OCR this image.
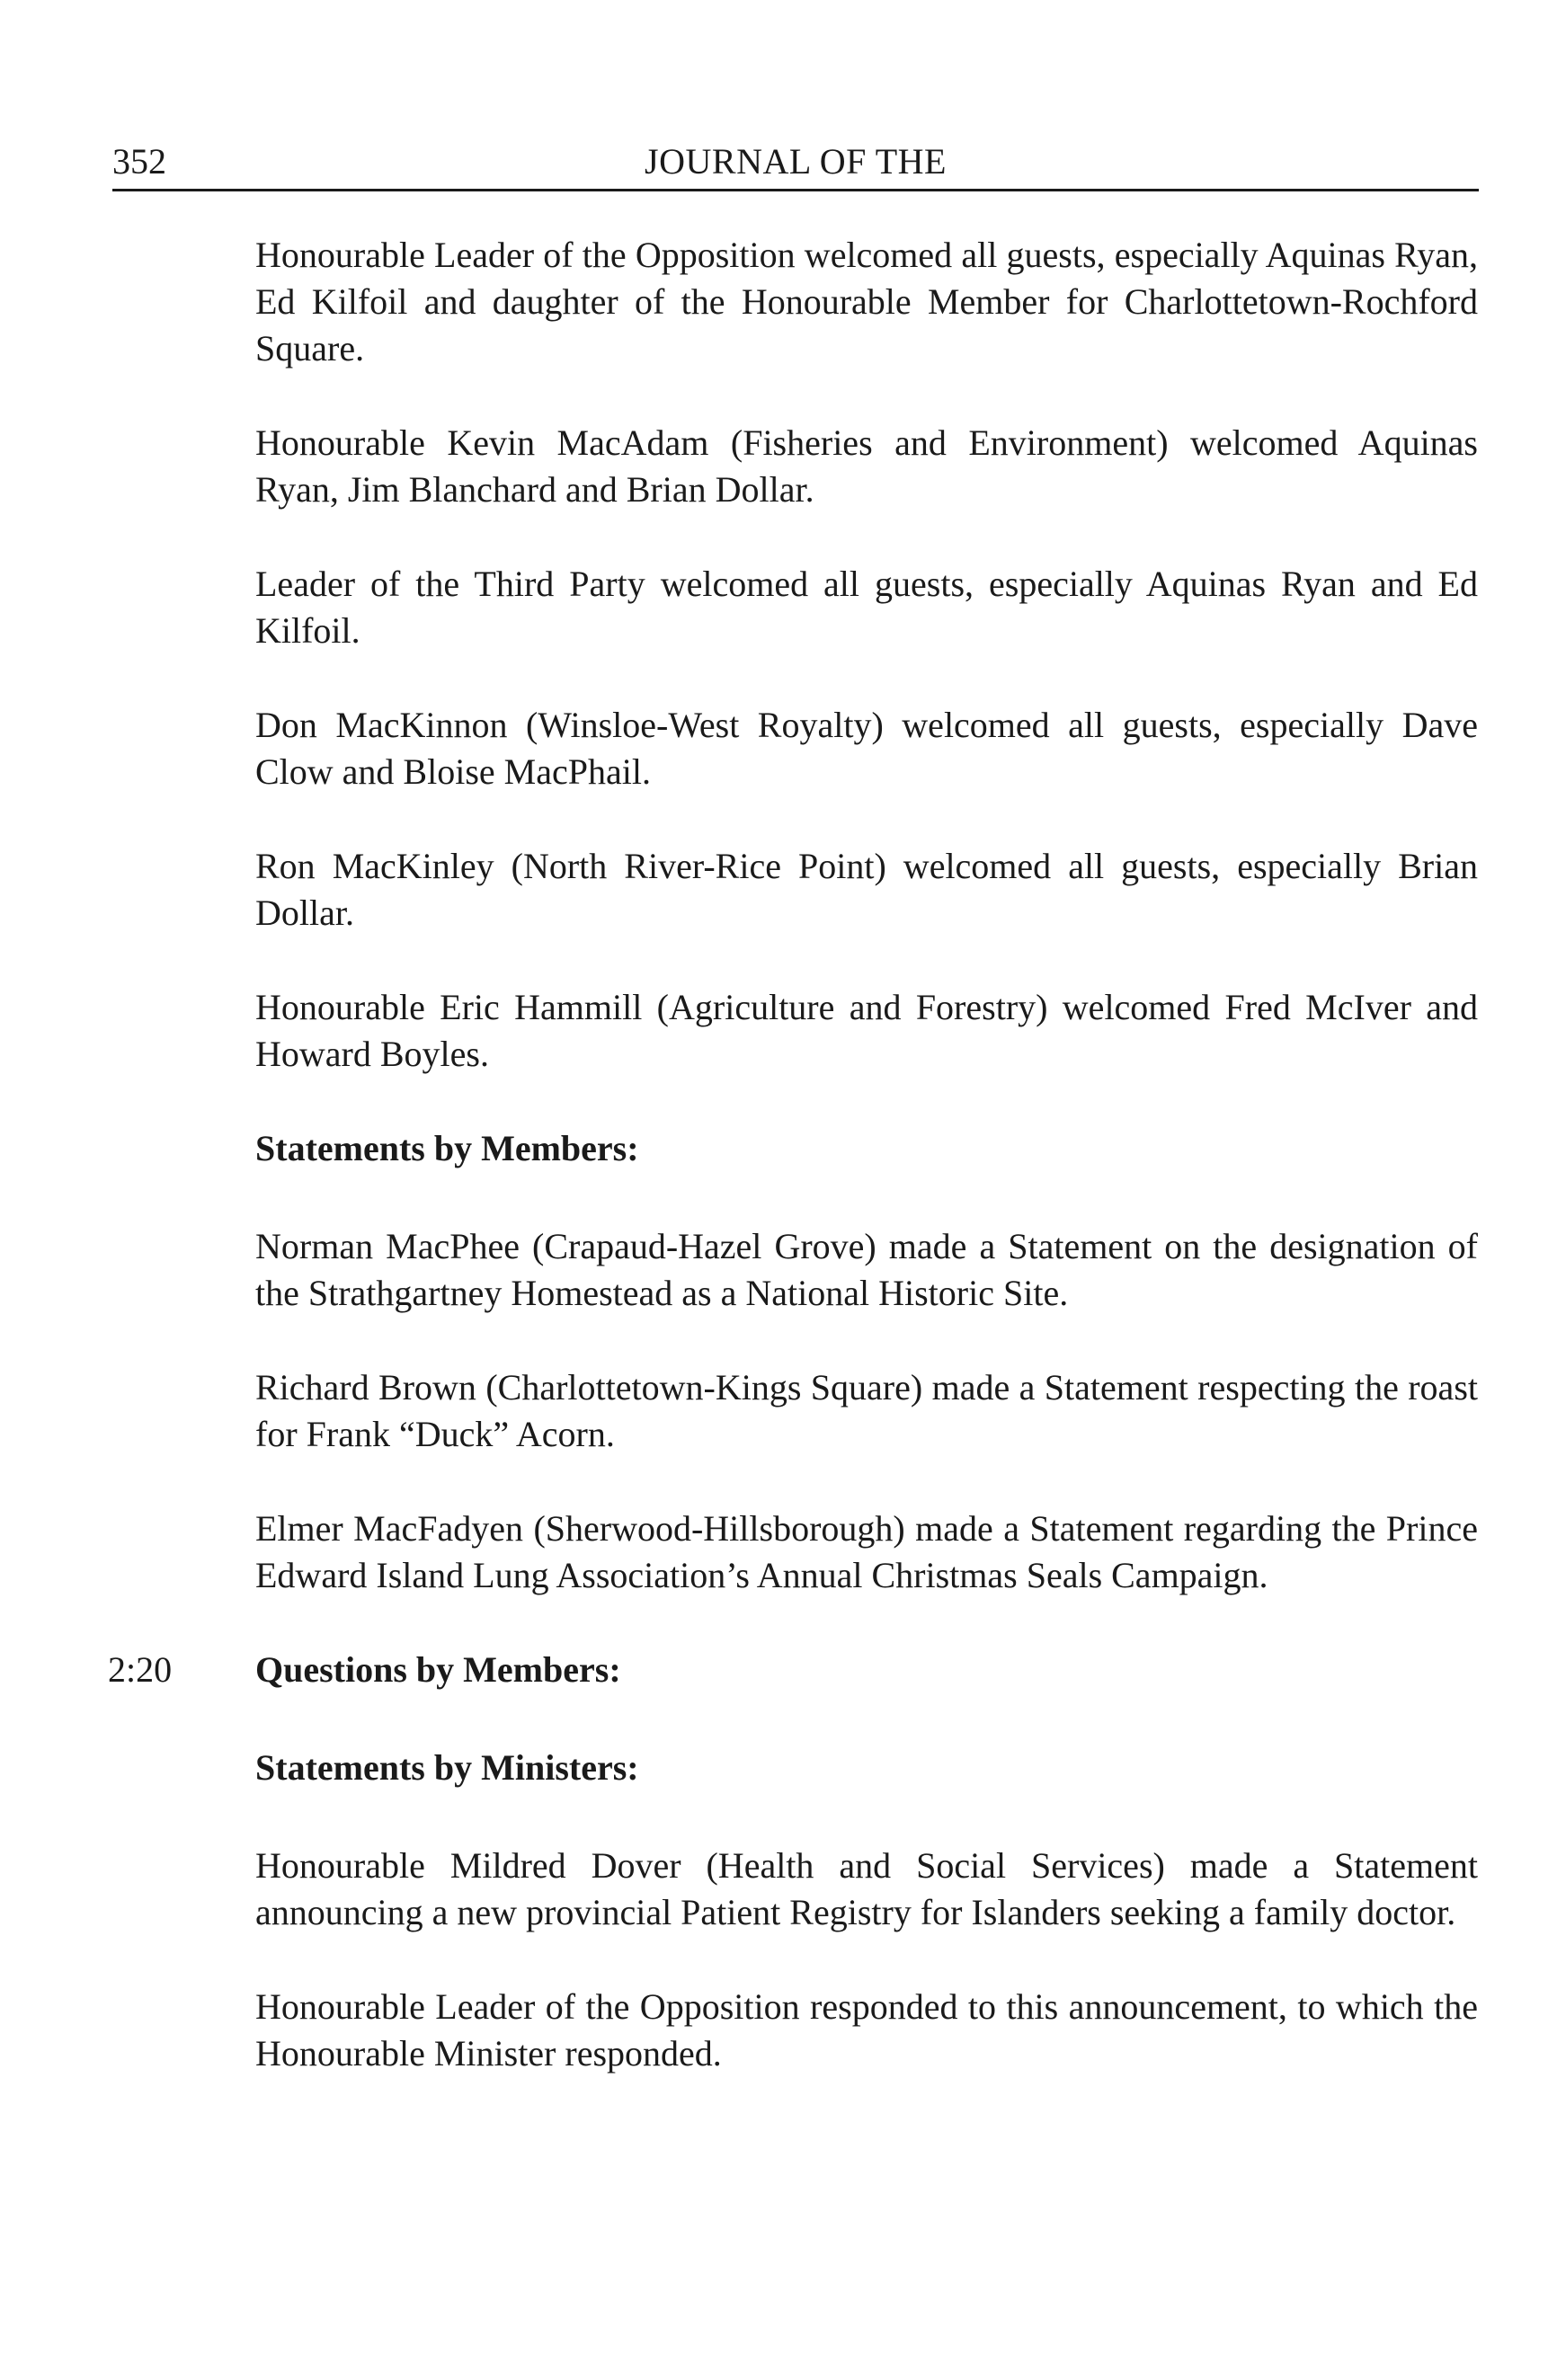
352	JOURNAL OF THE

Honourable Leader of the Opposition welcomed all guests, especially Aquinas Ryan, Ed Kilfoil and daughter of the Honourable Member for Charlottetown-Rochford Square.

Honourable Kevin MacAdam (Fisheries and Environment) welcomed Aquinas Ryan, Jim Blanchard and Brian Dollar.

Leader of the Third Party welcomed all guests, especially Aquinas Ryan and Ed Kilfoil.

Don MacKinnon (Winsloe-West Royalty) welcomed all guests, especially Dave Clow and Bloise MacPhail.

Ron MacKinley (North River-Rice Point) welcomed all guests, especially Brian Dollar.

Honourable Eric Hammill (Agriculture and Forestry) welcomed Fred McIver and Howard Boyles.

Statements by Members:

Norman MacPhee (Crapaud-Hazel Grove) made a Statement on the designation of the Strathgartney Homestead as a National Historic Site.

Richard Brown (Charlottetown-Kings Square) made a Statement respecting the roast for Frank “Duck” Acorn.

Elmer MacFadyen (Sherwood-Hillsborough) made a Statement regarding the Prince Edward Island Lung Association’s Annual Christmas Seals Campaign.

2:20 Questions by Members:
Statements by Ministers:

Honourable Mildred Dover (Health and Social Services) made a Statement announcing a new provincial Patient Registry for Islanders seeking a family doctor.

Honourable Leader of the Opposition responded to this announcement, to which the Honourable Minister responded.
